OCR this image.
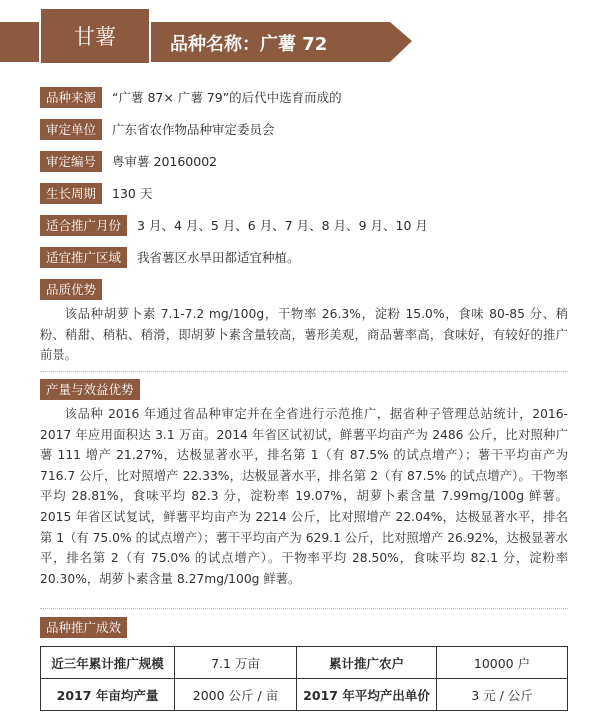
甘薯	品种名称：广薯 72
品种来源	“广薯 87× 广薯 79”的后代中选育而成的
审定单位	广东省农作物品种审定委员会
审定编号	粤审薯 20160002
生长周期	130 天
适合推广月份	3 月、4 月、5 月、6 月、7 月、8 月、9 月、10 月
适宜推广区域	我省薯区水旱田都适宜种植。
品质优势
该品种胡萝卜素 7.1-7.2 mg/100g，干物率 26.3%，淀粉 15.0%，食味 80-85 分、稍粉、稍甜、稍粘、稍滑，即胡萝卜素含量较高，薯形美观，商品薯率高，食味好，有较好的推广前景。
产量与效益优势
该品种 2016 年通过省品种审定并在全省进行示范推广，据省种子管理总站统计，2016-2017 年应用面积达 3.1 万亩。2014 年省区试初试，鲜薯平均亩产为 2486 公斤，比对照种广薯 111 增产 21.27%，达极显著水平，排名第 1（有 87.5% 的试点增产）；薯干平均亩产为 716.7 公斤，比对照增产 22.33%，达极显著水平，排名第 2（有 87.5% 的试点增产）。干物率平均 28.81%，食味平均 82.3 分，淀粉率 19.07%，胡萝卜素含量 7.99mg/100g 鲜薯。2015 年省区试复试，鲜薯平均亩产为 2214 公斤，比对照增产 22.04%，达极显著水平，排名第 1（有 75.0% 的试点增产）；薯干平均亩产为 629.1 公斤，比对照增产 26.92%，达极显著水平，排名第 2（有 75.0% 的试点增产）。干物率平均 28.50%，食味平均 82.1 分，淀粉率 20.30%，胡萝卜素含量 8.27mg/100g 鲜薯。
品种推广成效
近三年累计推广规模	7.1 万亩	累计推广农户	10000 户
2017 年亩均产量	2000 公斤 / 亩	2017 年平均产出单价	3 元 / 公斤
